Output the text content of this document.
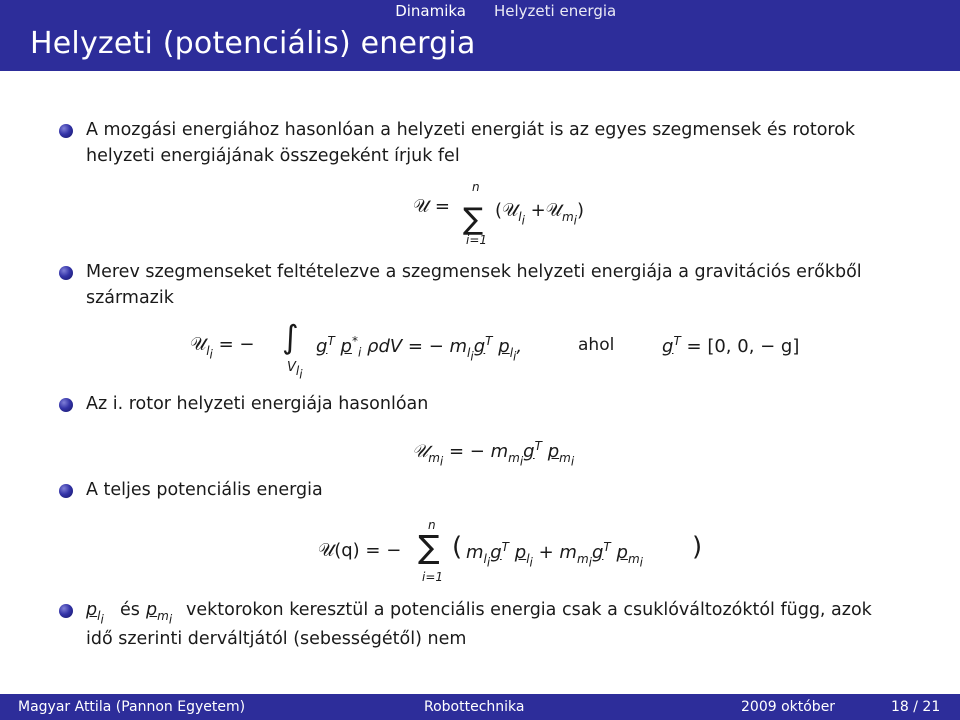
Dinamika Helyzeti energia
Helyzeti (potenciális) energia
A mozgási energiához hasonlóan a helyzeti energiát is az egyes szegmensek és rotorok
helyzeti energiájának összegeként írjuk fel
𝒰 =
n
∑
i=1
(𝒰$_{l_i}$ +𝒰$_{m_i}$)
Merev szegmenseket feltételezve a szegmensek helyzeti energiája a gravitációs erőkből
származik
𝒰$_{l_i}$ = − ∫
$V_{l_i}$
$g^T$ $p^*_i$ ρdV = − $m_{l_i}g^T$ $p_{l_i}$,	ahol	$g^T = [0$, 0, − g]
Az i. rotor helyzeti energiája hasonlóan
𝒰$_{m_i}$ = − $m_{m_i}g^T$ $p_{m_i}$
A teljes potenciális energia
𝒰(q) = −
n
∑
i=1
( $m_{l_i}g^T$ $p_{l_i} + m_{m_i}g^T$ $p_{m_i}$ )
$p_{l_i}$ és $p_{m_i}$ vektorokon keresztül a potenciális energia csak a csuklóváltozóktól függ, azok
idő szerinti derváltjától (sebességétől) nem
Magyar Attila (Pannon Egyetem)	Robottechnika	2009 október	18 / 21
